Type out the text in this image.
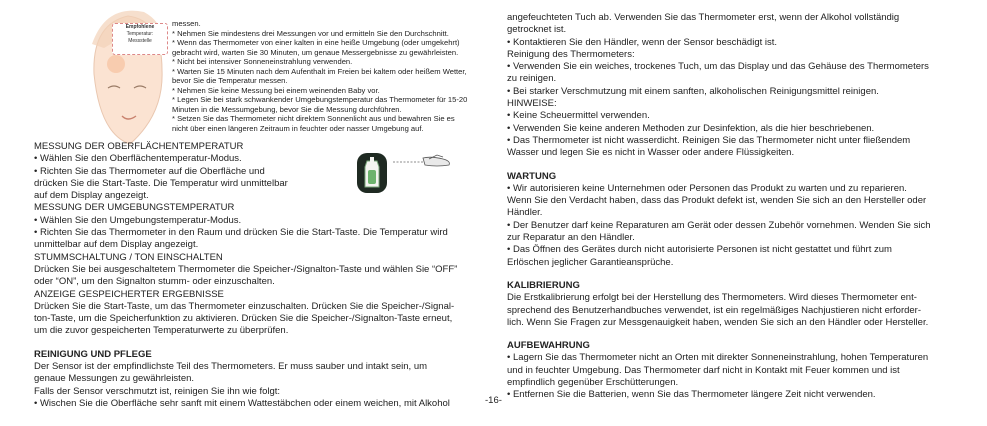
Empfohlene
Temperatur:
Messstelle

messen.

* Nehmen Sie mindestens drei Messungen vor und ermitteln Sie den Durchschnitt.

* Wenn das Thermometer von einer kalten in eine heiße Umgebung (oder umgekehrt)

gebracht wird, warten Sie 30 Minuten, um genaue Messergebnisse zu gewährleisten.

* Nicht bei intensiver Sonneneinstrahlung verwenden.

* Warten Sie 15 Minuten nach dem Aufenthalt im Freien bei kaltem oder heißem Wetter,

bevor Sie die Temperatur messen.

* Nehmen Sie keine Messung bei einem weinenden Baby vor.

* Legen Sie bei stark schwankender Umgebungstemperatur das Thermometer für 15-20

Minuten in die Messumgebung, bevor Sie die Messung durchführen.

* Setzen Sie das Thermometer nicht direktem Sonnenlicht aus und bewahren Sie es

nicht über einen längeren Zeitraum in feuchter oder nasser Umgebung auf.

MESSUNG DER OBERFLÄCHENTEMPERATUR

• Wählen Sie den Oberflächentemperatur-Modus.

• Richten Sie das Thermometer auf die Oberfläche und

drücken Sie die Start-Taste. Die Temperatur wird unmittelbar

auf dem Display angezeigt.

MESSUNG DER UMGEBUNGSTEMPERATUR

• Wählen Sie den Umgebungstemperatur-Modus.

• Richten Sie das Thermometer in den Raum und drücken Sie die Start-Taste. Die Temperatur wird

unmittelbar auf dem Display angezeigt.

STUMMSCHALTUNG / TON EINSCHALTEN

Drücken Sie bei ausgeschaltetem Thermometer die Speicher-/Signalton-Taste und wählen Sie “OFF”

oder “ON”, um den Signalton stumm- oder einzuschalten.

ANZEIGE GESPEICHERTER ERGEBNISSE

Drücken Sie die Start-Taste, um das Thermometer einzuschalten. Drücken Sie die Speicher-/Signal-

ton-Taste, um die Speicherfunktion zu aktivieren. Drücken Sie die Speicher-/Signalton-Taste erneut,

um die zuvor gespeicherten Temperaturwerte zu überprüfen.

REINIGUNG UND PFLEGE

Der Sensor ist der empfindlichste Teil des Thermometers. Er muss sauber und intakt sein, um

genaue Messungen zu gewährleisten.

Falls der Sensor verschmutzt ist, reinigen Sie ihn wie folgt:

• Wischen Sie die Oberfläche sehr sanft mit einem Wattestäbchen oder einem weichen, mit Alkohol

angefeuchteten Tuch ab. Verwenden Sie das Thermometer erst, wenn der Alkohol vollständig

getrocknet ist.

• Kontaktieren Sie den Händler, wenn der Sensor beschädigt ist.

Reinigung des Thermometers:

• Verwenden Sie ein weiches, trockenes Tuch, um das Display und das Gehäuse des Thermometers

zu reinigen.

• Bei starker Verschmutzung mit einem sanften, alkoholischen Reinigungsmittel reinigen.

HINWEISE:

• Keine Scheuermittel verwenden.

• Verwenden Sie keine anderen Methoden zur Desinfektion, als die hier beschriebenen.

• Das Thermometer ist nicht wasserdicht. Reinigen Sie das Thermometer nicht unter fließendem

Wasser und legen Sie es nicht in Wasser oder andere Flüssigkeiten.

WARTUNG

• Wir autorisieren keine Unternehmen oder Personen das Produkt zu warten und zu reparieren.

Wenn Sie den Verdacht haben, dass das Produkt defekt ist, wenden Sie sich an den Hersteller oder

Händler.

• Der Benutzer darf keine Reparaturen am Gerät oder dessen Zubehör vornehmen. Wenden Sie sich

zur Reparatur an den Händler.

• Das Öffnen des Gerätes durch nicht autorisierte Personen ist nicht gestattet und führt zum

Erlöschen jeglicher Garantieansprüche.

KALIBRIERUNG

Die Erstkalibrierung erfolgt bei der Herstellung des Thermometers. Wird dieses Thermometer ent-

sprechend des Benutzerhandbuches verwendet, ist ein regelmäßiges Nachjustieren nicht erforder-

lich. Wenn Sie Fragen zur Messgenauigkeit haben, wenden Sie sich an den Händler oder Hersteller.

AUFBEWAHRUNG

• Lagern Sie das Thermometer nicht an Orten mit direkter Sonneneinstrahlung, hohen Temperaturen

und in feuchter Umgebung. Das Thermometer darf nicht in Kontakt mit Feuer kommen und ist

empfindlich gegenüber Erschütterungen.

• Entfernen Sie die Batterien, wenn Sie das Thermometer längere Zeit nicht verwenden.

-16-
